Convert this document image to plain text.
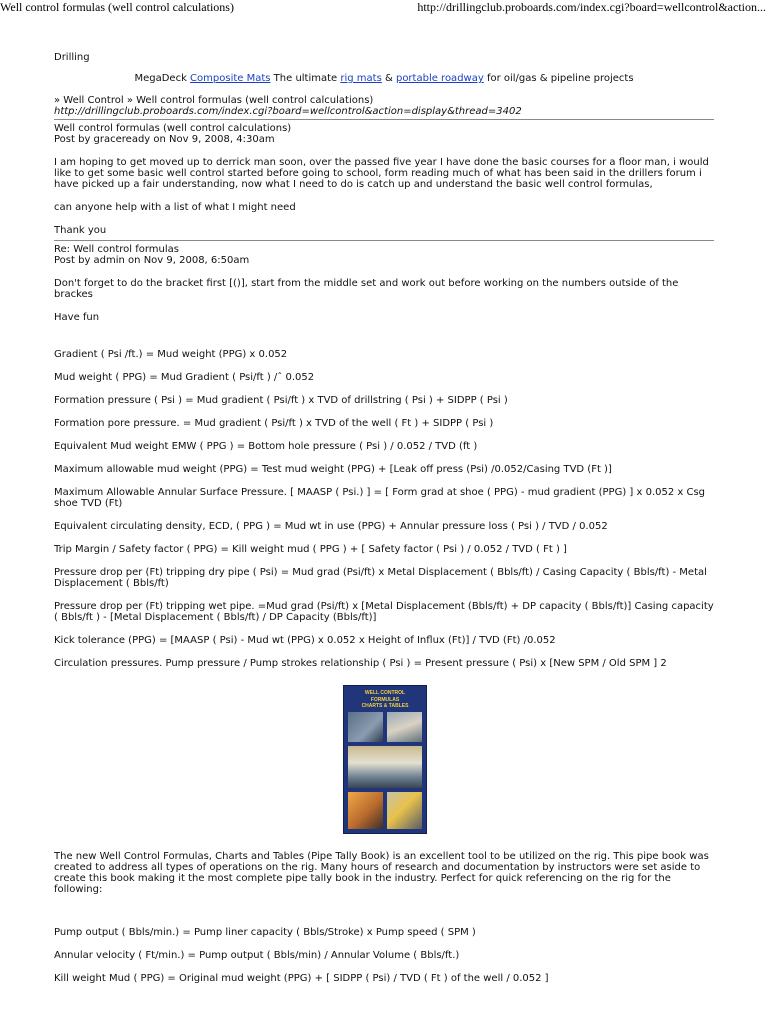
Well control formulas (well control calculations)	http://drillingclub.proboards.com/index.cgi?board=wellcontrol&action...
Drilling
MegaDeck Composite Mats The ultimate rig mats & portable roadway for oil/gas & pipeline projects
» Well Control » Well control formulas (well control calculations)
http://drillingclub.proboards.com/index.cgi?board=wellcontrol&action=display&thread=3402
Well control formulas (well control calculations)
Post by graceready on Nov 9, 2008, 4:30am
I am hoping to get moved up to derrick man soon, over the passed five year I have done the basic courses for a floor man, i would like to get some basic well control started before going to school, form reading much of what has been said in the drillers forum i have picked up a fair understanding, now what I need to do is catch up and understand the basic well control formulas,
can anyone help with a list of what I might need
Thank you
Re: Well control formulas
Post by admin on Nov 9, 2008, 6:50am
Don't forget to do the bracket first [()], start from the middle set and work out before working on the numbers outside of the brackes
Have fun
Gradient ( Psi /ft.) = Mud weight (PPG) x 0.052
Mud weight ( PPG) = Mud Gradient ( Psi/ft ) /ˆ 0.052
Formation pressure ( Psi ) = Mud gradient ( Psi/ft ) x TVD of drillstring ( Psi ) + SIDPP ( Psi )
Formation pore pressure. = Mud gradient ( Psi/ft ) x TVD of the well ( Ft ) + SIDPP ( Psi )
Equivalent Mud weight EMW ( PPG ) = Bottom hole pressure ( Psi ) / 0.052 / TVD (ft )
Maximum allowable mud weight (PPG) = Test mud weight (PPG) + [Leak off press (Psi) /0.052/Casing TVD (Ft )]
Maximum Allowable Annular Surface Pressure. [ MAASP ( Psi.) ] = [ Form grad at shoe ( PPG) - mud gradient (PPG) ] x 0.052 x Csg shoe TVD (Ft)
Equivalent circulating density, ECD, ( PPG ) = Mud wt in use (PPG) + Annular pressure loss ( Psi ) / TVD / 0.052
Trip Margin / Safety factor ( PPG) = Kill weight mud ( PPG ) + [ Safety factor ( Psi ) / 0.052 / TVD ( Ft ) ]
Pressure drop per (Ft) tripping dry pipe ( Psi) = Mud grad (Psi/ft) x Metal Displacement ( Bbls/ft) / Casing Capacity ( Bbls/ft) - Metal Displacement ( Bbls/ft)
Pressure drop per (Ft) tripping wet pipe. =Mud grad (Psi/ft) x [Metal Displacement (Bbls/ft) + DP capacity ( Bbls/ft)] Casing capacity ( Bbls/ft ) - [Metal Displacement ( Bbls/ft) / DP Capacity (Bbls/ft)]
Kick tolerance (PPG) = [MAASP ( Psi) - Mud wt (PPG) x 0.052 x Height of Influx (Ft)] / TVD (Ft) /0.052
Circulation pressures. Pump pressure / Pump strokes relationship ( Psi ) = Present pressure ( Psi) x [New SPM / Old SPM ] 2
WELL CONTROL
FORMULAS
CHARTS & TABLES
The new Well Control Formulas, Charts and Tables (Pipe Tally Book) is an excellent tool to be utilized on the rig. This pipe book was created to address all types of operations on the rig. Many hours of research and documentation by instructors were set aside to create this book making it the most complete pipe tally book in the industry. Perfect for quick referencing on the rig for the following:
Pump output ( Bbls/min.) = Pump liner capacity ( Bbls/Stroke) x Pump speed ( SPM )
Annular velocity ( Ft/min.) = Pump output ( Bbls/min) / Annular Volume ( Bbls/ft.)
Kill weight Mud ( PPG) = Original mud weight (PPG) + [ SIDPP ( Psi) / TVD ( Ft ) of the well / 0.052 ]
